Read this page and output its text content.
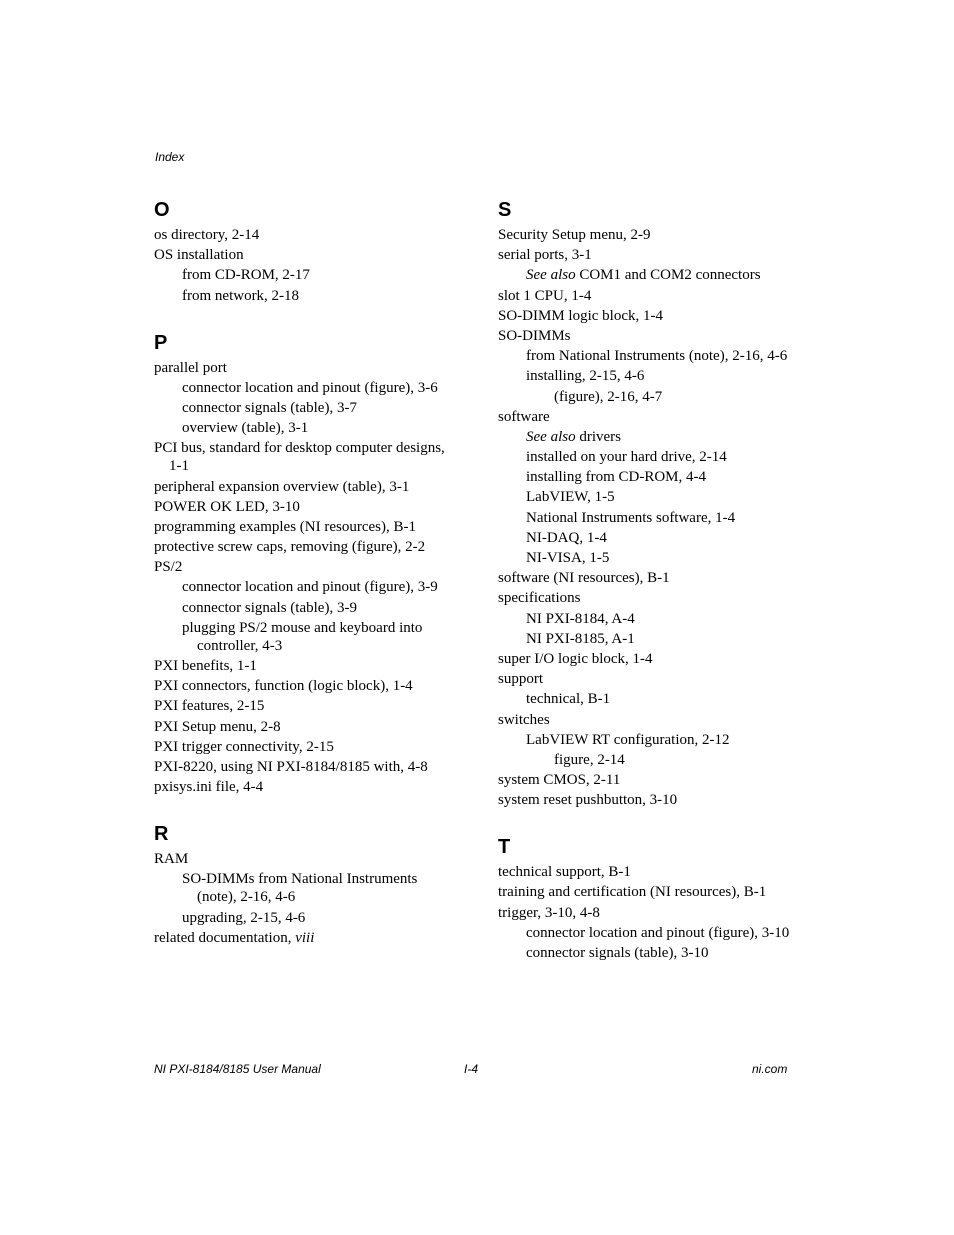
Index
O
os directory, 2-14
OS installation
from CD-ROM, 2-17
from network, 2-18
P
parallel port
connector location and pinout (figure), 3-6
connector signals (table), 3-7
overview (table), 3-1
PCI bus, standard for desktop computer designs, 1-1
peripheral expansion overview (table), 3-1
POWER OK LED, 3-10
programming examples (NI resources), B-1
protective screw caps, removing (figure), 2-2
PS/2
connector location and pinout (figure), 3-9
connector signals (table), 3-9
plugging PS/2 mouse and keyboard into controller, 4-3
PXI benefits, 1-1
PXI connectors, function (logic block), 1-4
PXI features, 2-15
PXI Setup menu, 2-8
PXI trigger connectivity, 2-15
PXI-8220, using NI PXI-8184/8185 with, 4-8
pxisys.ini file, 4-4
R
RAM
SO-DIMMs from National Instruments (note), 2-16, 4-6
upgrading, 2-15, 4-6
related documentation, viii
S
Security Setup menu, 2-9
serial ports, 3-1
See also COM1 and COM2 connectors
slot 1 CPU, 1-4
SO-DIMM logic block, 1-4
SO-DIMMs
from National Instruments (note), 2-16, 4-6
installing, 2-15, 4-6
(figure), 2-16, 4-7
software
See also drivers
installed on your hard drive, 2-14
installing from CD-ROM, 4-4
LabVIEW, 1-5
National Instruments software, 1-4
NI-DAQ, 1-4
NI-VISA, 1-5
software (NI resources), B-1
specifications
NI PXI-8184, A-4
NI PXI-8185, A-1
super I/O logic block, 1-4
support
technical, B-1
switches
LabVIEW RT configuration, 2-12
figure, 2-14
system CMOS, 2-11
system reset pushbutton, 3-10
T
technical support, B-1
training and certification (NI resources), B-1
trigger, 3-10, 4-8
connector location and pinout (figure), 3-10
connector signals (table), 3-10
NI PXI-8184/8185 User Manual	I-4	ni.com
